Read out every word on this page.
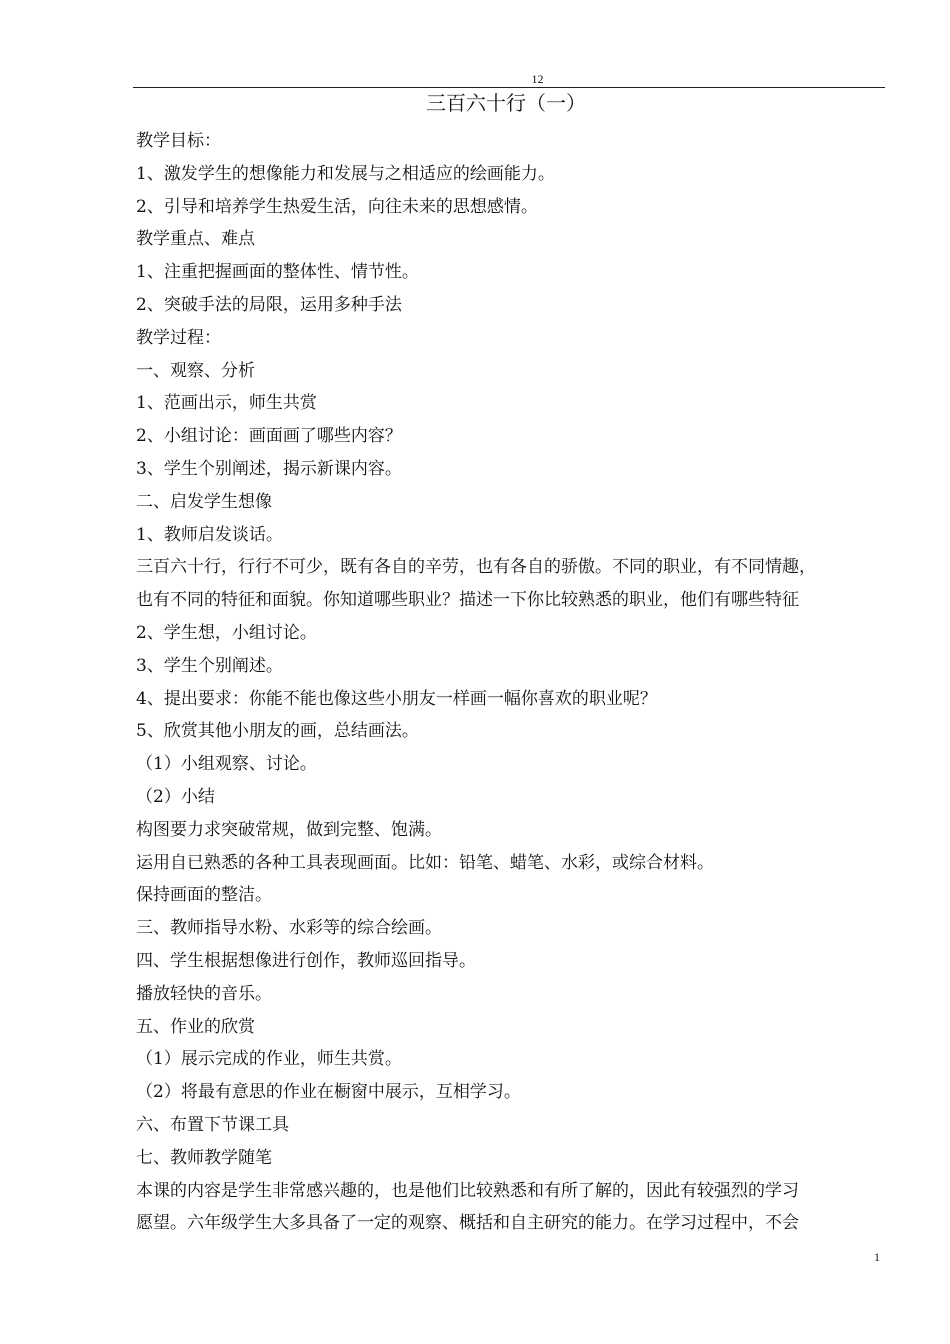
12
三百六十行（一）
教学目标：
1、激发学生的想像能力和发展与之相适应的绘画能力。
2、引导和培养学生热爱生活，向往未来的思想感情。
教学重点、难点
1、注重把握画面的整体性、情节性。
2、突破手法的局限，运用多种手法
教学过程：
一、观察、分析
1、范画出示，师生共赏
2、小组讨论：画面画了哪些内容？
3、学生个别阐述，揭示新课内容。
二、启发学生想像
1、教师启发谈话。
三百六十行，行行不可少，既有各自的辛劳，也有各自的骄傲。不同的职业，有不同情趣，
也有不同的特征和面貌。你知道哪些职业？描述一下你比较熟悉的职业，他们有哪些特征
2、学生想，小组讨论。
3、学生个别阐述。
4、提出要求：你能不能也像这些小朋友一样画一幅你喜欢的职业呢？
5、欣赏其他小朋友的画，总结画法。
（1）小组观察、讨论。
（2）小结
构图要力求突破常规，做到完整、饱满。
运用自已熟悉的各种工具表现画面。比如：铅笔、蜡笔、水彩，或综合材料。
保持画面的整洁。
三、教师指导水粉、水彩等的综合绘画。
四、学生根据想像进行创作，教师巡回指导。
播放轻快的音乐。
五、作业的欣赏
（1）展示完成的作业，师生共赏。
（2）将最有意思的作业在橱窗中展示，互相学习。
六、布置下节课工具
七、教师教学随笔
本课的内容是学生非常感兴趣的，也是他们比较熟悉和有所了解的，因此有较强烈的学习
愿望。六年级学生大多具备了一定的观察、概括和自主研究的能力。在学习过程中，不会
1
